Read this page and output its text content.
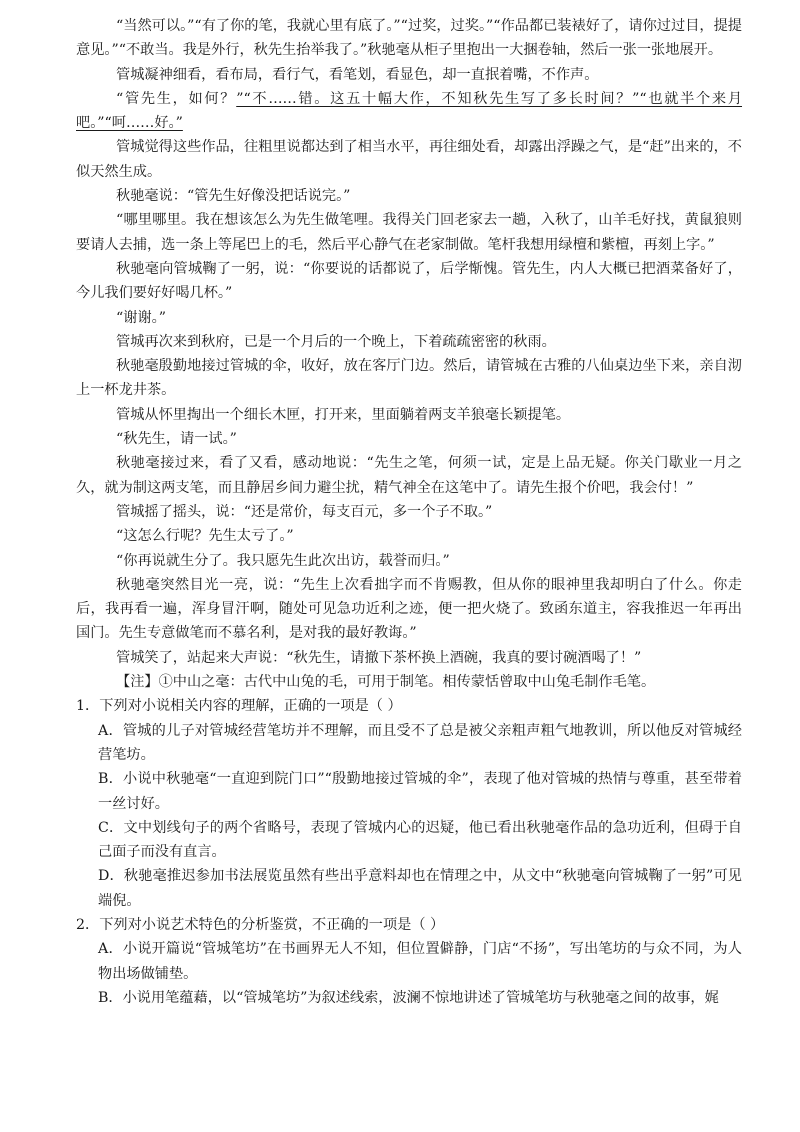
“当然可以。”“有了你的笔，我就心里有底了。”“过奖，过奖。”“作品都已装裱好了，请你过过目，提提意见。”“不敢当。我是外行，秋先生抬举我了。”秋驰毫从柜子里抱出一大捆卷轴，然后一张一张地展开。

管城凝神细看，看布局，看行气，看笔划，看显色，却一直抿着嘴，不作声。

“管先生，如何？”“不……错。这五十幅大作，不知秋先生写了多长时间？”“也就半个来月吧。”“呵……好。”

管城觉得这些作品，往粗里说都达到了相当水平，再往细处看，却露出浮躁之气，是“赶”出来的，不似天然生成。

秋驰毫说：“管先生好像没把话说完。”

“哪里哪里。我在想该怎么为先生做笔哩。我得关门回老家去一趟，入秋了，山羊毛好找，黄鼠狼则要请人去捕，选一条上等尾巴上的毛，然后平心静气在老家制做。笔杆我想用绿檀和紫檀，再刻上字。”

秋驰毫向管城鞠了一躬，说：“你要说的话都说了，后学惭愧。管先生，内人大概已把酒菜备好了，今儿我们要好好喝几杯。”

“谢谢。”

管城再次来到秋府，已是一个月后的一个晚上，下着疏疏密密的秋雨。

秋驰毫殷勤地接过管城的伞，收好，放在客厅门边。然后，请管城在古雅的八仙桌边坐下来，亲自沏上一杯龙井茶。

管城从怀里掏出一个细长木匣，打开来，里面躺着两支羊狼毫长颖提笔。

“秋先生，请一试。”

秋驰毫接过来，看了又看，感动地说：“先生之笔，何须一试，定是上品无疑。你关门歇业一月之久，就为制这两支笔，而且静居乡间力避尘扰，精气神全在这笔中了。请先生报个价吧，我会付！”

管城摇了摇头，说：“还是常价，每支百元，多一个子不取。”

“这怎么行呢？先生太亏了。”

“你再说就生分了。我只愿先生此次出访，载誉而归。”

秋驰毫突然目光一亮，说：“先生上次看拙字而不肯赐教，但从你的眼神里我却明白了什么。你走后，我再看一遍，浑身冒汗啊，随处可见急功近利之迹，便一把火烧了。致函东道主，容我推迟一年再出国门。先生专意做笔而不慕名利，是对我的最好教诲。”

管城笑了，站起来大声说：“秋先生，请撤下茶杯换上酒碗，我真的要讨碗酒喝了！”

【注】①中山之毫：古代中山兔的毛，可用于制笔。相传蒙恬曾取中山兔毛制作毛笔。

1．下列对小说相关内容的理解，正确的一项是（ ）

A．管城的儿子对管城经营笔坊并不理解，而且受不了总是被父亲粗声粗气地教训，所以他反对管城经营笔坊。

B．小说中秋驰毫“一直迎到院门口”“殷勤地接过管城的伞”，表现了他对管城的热情与尊重，甚至带着一丝讨好。

C．文中划线句子的两个省略号，表现了管城内心的迟疑，他已看出秋驰毫作品的急功近利，但碍于自己面子而没有直言。

D．秋驰毫推迟参加书法展览虽然有些出乎意料却也在情理之中，从文中“秋驰毫向管城鞠了一躬”可见端倪。

2．下列对小说艺术特色的分析鉴赏，不正确的一项是（ ）

A．小说开篇说“管城笔坊”在书画界无人不知，但位置僻静，门店“不扬”，写出笔坊的与众不同，为人物出场做铺垫。

B．小说用笔蕴藉，以“管城笔坊”为叙述线索，波澜不惊地讲述了管城笔坊与秋驰毫之间的故事，娓
